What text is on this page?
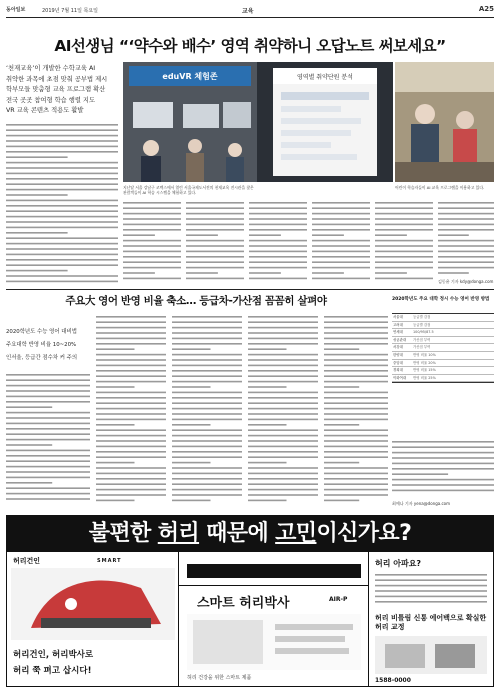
동아일보	2019년 7월 11일 목요일	교육	A25
AI선생님 “‘약수와 배수’ 영역 취약하니 오답노트 써보세요”
‘천재교육’이 개발한 수학교육 AI
취약한 과목에 초점 맞춰 공부법 제시
학부모들 맞춤형 교육 프로그램 확산
전국 곳곳 참여형 학습 행렬 지도
VR 교육 콘텐츠 적용도 활발
eduVR 체험존	영역별 취약단원 분석
지난달 서울 강남구 코엑스에서 열린 서울국제도서전의 천재교육 전시관을 찾은 관람객들이 AI 학습 시스템을 체험하고 있다.
어린이 학습자들이 AI 교육 프로그램을 이용하고 있다.
김동윤 기자 kdy@donga.com
주요大 영어 반영 비율 축소… 등급차-가산점 꼼꼼히 살펴야
2020학년도 수능 영어 대비법
주요대학 반영 비율 10~20%
인서울, 등급간 점수차 커 주의
2020학년도 주요 대학 정시 수능 영어 반영 방법
서울대	등급별 감점
고려대	등급별 감점
연세대	100/95/87.5
성균관대	가산점 부여
서강대	가산점 부여
한양대	반영 비율 10%
중앙대	반영 비율 20%
경희대	반영 비율 15%
이화여대	반영 비율 25%
최예나 기자 yena@donga.com
불편한 허리 때문에 고민이신가요?
허리건인	SMART
허리건인, 허리박사로
허리 쭉 펴고 삽시다!
스마트 허리박사	AIR-P
허리 건강을 위한 스마트 제품
허리 아파요?
허리 비틀림 신통 에어백으로 확실한 허리 교정
1588-0000
